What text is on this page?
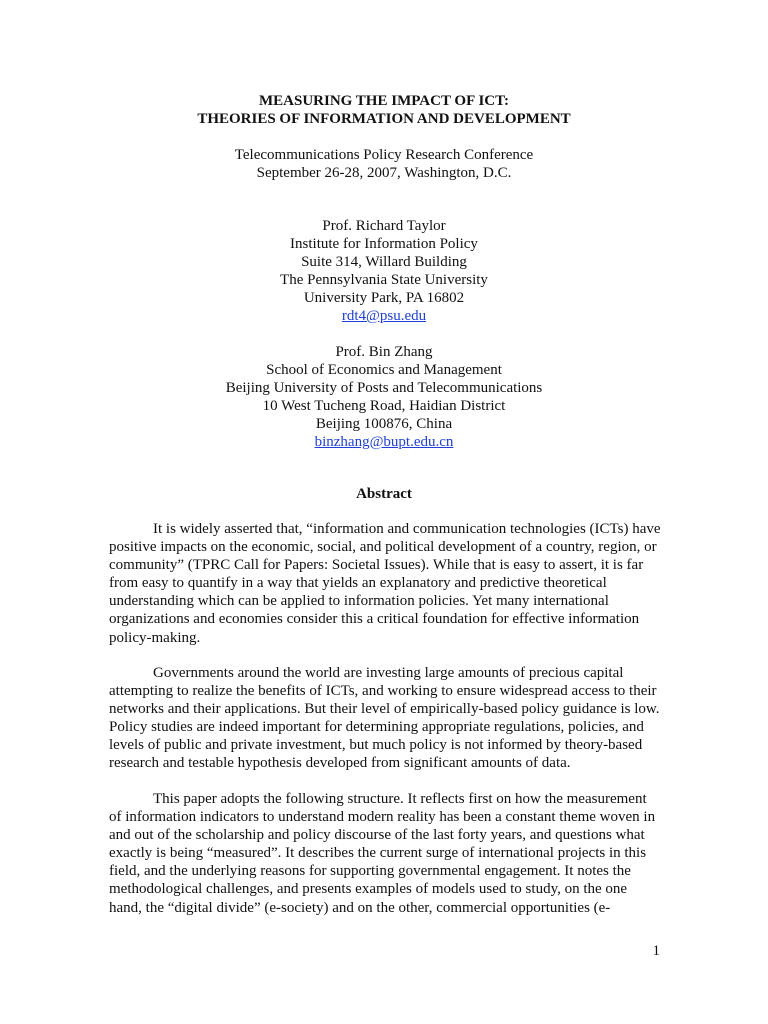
MEASURING THE IMPACT OF ICT:
THEORIES OF INFORMATION AND DEVELOPMENT
Telecommunications Policy Research Conference
September 26-28, 2007, Washington, D.C.
Prof. Richard Taylor
Institute for Information Policy
Suite 314, Willard Building
The Pennsylvania State University
University Park, PA 16802
rdt4@psu.edu
Prof. Bin Zhang
School of Economics and Management
Beijing University of Posts and Telecommunications
10 West Tucheng Road, Haidian District
Beijing 100876, China
binzhang@bupt.edu.cn
Abstract

It is widely asserted that, “information and communication technologies (ICTs) have positive impacts on the economic, social, and political development of a country, region, or community” (TPRC Call for Papers: Societal Issues). While that is easy to assert, it is far from easy to quantify in a way that yields an explanatory and predictive theoretical understanding which can be applied to information policies. Yet many international organizations and economies consider this a critical foundation for effective information policy-making.

Governments around the world are investing large amounts of precious capital attempting to realize the benefits of ICTs, and working to ensure widespread access to their networks and their applications. But their level of empirically-based policy guidance is low. Policy studies are indeed important for determining appropriate regulations, policies, and levels of public and private investment, but much policy is not informed by theory-based research and testable hypothesis developed from significant amounts of data.

This paper adopts the following structure. It reflects first on how the measurement of information indicators to understand modern reality has been a constant theme woven in and out of the scholarship and policy discourse of the last forty years, and questions what exactly is being “measured”. It describes the current surge of international projects in this field, and the underlying reasons for supporting governmental engagement. It notes the methodological challenges, and presents examples of models used to study, on the one hand, the “digital divide” (e-society) and on the other, commercial opportunities (e-

1
